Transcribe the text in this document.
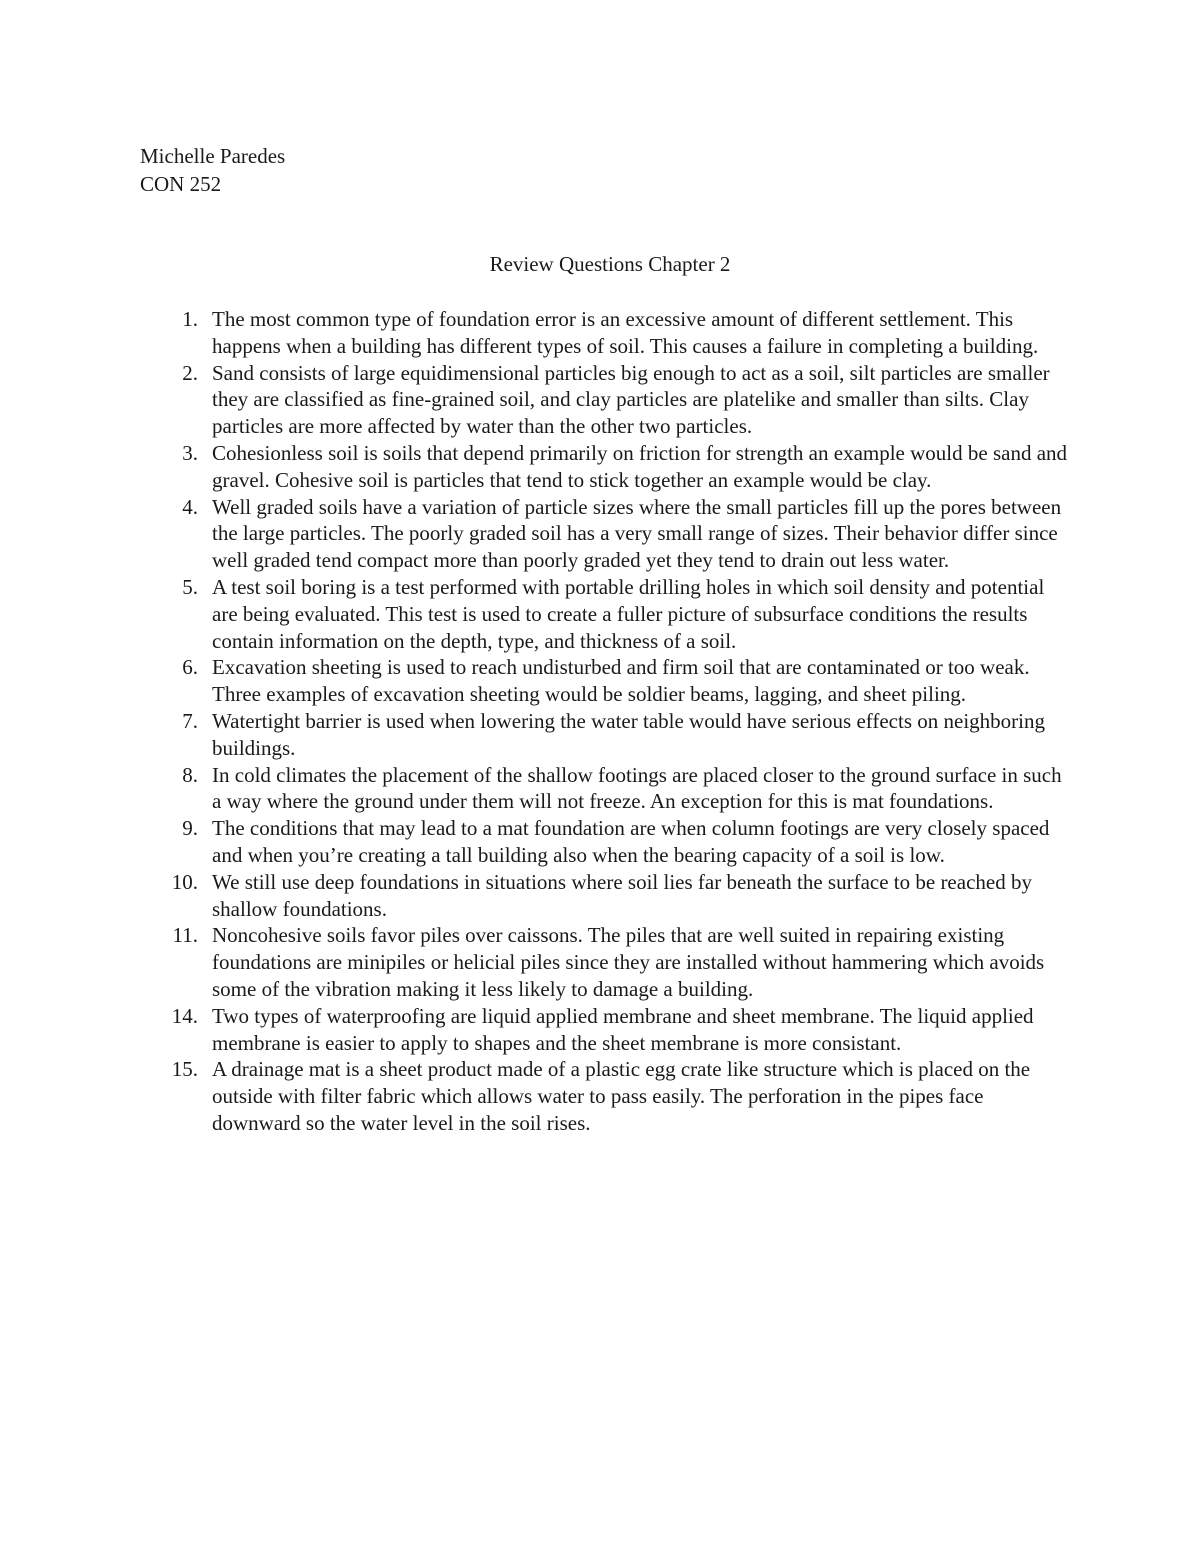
Michelle Paredes
CON 252
Review Questions Chapter 2
1. The most common type of foundation error is an excessive amount of different settlement. This happens when a building has different types of soil. This causes a failure in completing a building.
2. Sand consists of large equidimensional particles big enough to act as a soil, silt particles are smaller they are classified as fine-grained soil, and clay particles are platelike and smaller than silts. Clay particles are more affected by water than the other two particles.
3. Cohesionless soil is soils that depend primarily on friction for strength an example would be sand and gravel. Cohesive soil is particles that tend to stick together an example would be clay.
4. Well graded soils have a variation of particle sizes where the small particles fill up the pores between the large particles. The poorly graded soil has a very small range of sizes. Their behavior differ since well graded tend compact more than poorly graded yet they tend to drain out less water.
5. A test soil boring is a test performed with portable drilling holes in which soil density and potential are being evaluated. This test is used to create a fuller picture of subsurface conditions the results contain information on the depth, type, and thickness of a soil.
6. Excavation sheeting is used to reach undisturbed and firm soil that are contaminated or too weak. Three examples of excavation sheeting would be soldier beams, lagging, and sheet piling.
7. Watertight barrier is used when lowering the water table would have serious effects on neighboring buildings.
8. In cold climates the placement of the shallow footings are placed closer to the ground surface in such a way where the ground under them will not freeze. An exception for this is mat foundations.
9. The conditions that may lead to a mat foundation are when column footings are very closely spaced and when you’re creating a tall building also when the bearing capacity of a soil is low.
10. We still use deep foundations in situations where soil lies far beneath the surface to be reached by shallow foundations.
11. Noncohesive soils favor piles over caissons. The piles that are well suited in repairing existing foundations are minipiles or helicial piles since they are installed without hammering which avoids some of the vibration making it less likely to damage a building.
14. Two types of waterproofing are liquid applied membrane and sheet membrane. The liquid applied membrane is easier to apply to shapes and the sheet membrane is more consistant.
15. A drainage mat is a sheet product made of a plastic egg crate like structure which is placed on the outside with filter fabric which allows water to pass easily. The perforation in the pipes face downward so the water level in the soil rises.
